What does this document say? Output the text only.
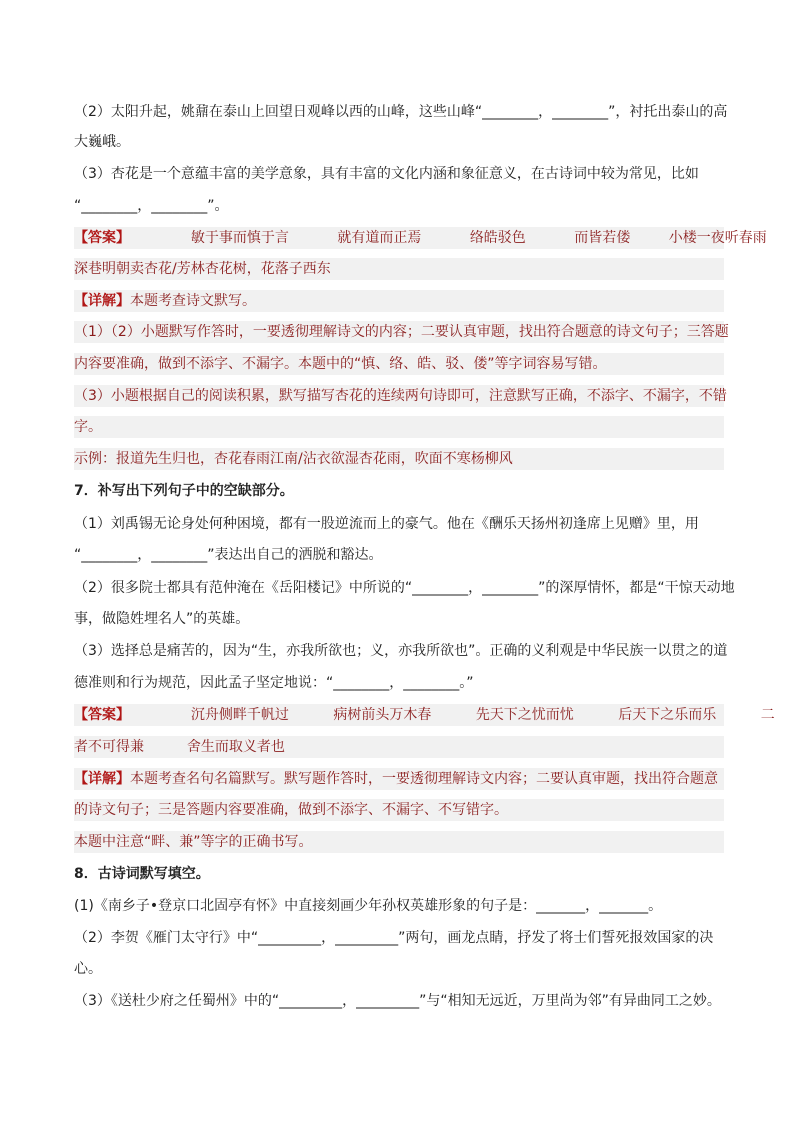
（2）太阳升起，姚鼐在泰山上回望日观峰以西的山峰，这些山峰“________，________”，衬托出泰山的高
大巍峨。
（3）杏花是一个意蕴丰富的美学意象，具有丰富的文化内涵和象征意义，在古诗词中较为常见，比如
“________，________”。
【答案】	敏于事而慎于言	就有道而正焉	络皓驳色	而皆若偻	小楼一夜听春雨
深巷明朝卖杏花/芳林杏花树，花落子西东
【详解】本题考查诗文默写。
（1）（2）小题默写作答时，一要透彻理解诗文的内容；二要认真审题，找出符合题意的诗文句子；三答题
内容要准确，做到不添字、不漏字。本题中的“慎、络、皓、驳、偻”等字词容易写错。
（3）小题根据自己的阅读积累，默写描写杏花的连续两句诗即可，注意默写正确，不添字、不漏字，不错
字。
示例：报道先生归也，杏花春雨江南/沾衣欲湿杏花雨，吹面不寒杨柳风
7．补写出下列句子中的空缺部分。
（1）刘禹锡无论身处何种困境，都有一股逆流而上的豪气。他在《酬乐天扬州初逢席上见赠》里，用
“________，________”表达出自己的洒脱和豁达。
（2）很多院士都具有范仲淹在《岳阳楼记》中所说的“________，________”的深厚情怀，都是“干惊天动地
事，做隐姓埋名人”的英雄。
（3）选择总是痛苦的，因为“生，亦我所欲也；义，亦我所欲也”。正确的义利观是中华民族一以贯之的道
德准则和行为规范，因此孟子坚定地说：“________，________。”
【答案】	沉舟侧畔千帆过	病树前头万木春	先天下之忧而忧	后天下之乐而乐	二
者不可得兼	舍生而取义者也
【详解】本题考查名句名篇默写。默写题作答时，一要透彻理解诗文内容；二要认真审题，找出符合题意
的诗文句子；三是答题内容要准确，做到不添字、不漏字、不写错字。
本题中注意“畔、兼”等字的正确书写。
8．古诗词默写填空。
(1)《南乡子•登京口北固亭有怀》中直接刻画少年孙权英雄形象的句子是：_______，_______。
（2）李贺《雁门太守行》中“_________，_________”两句，画龙点睛，抒发了将士们誓死报效国家的决
心。
（3）《送杜少府之任蜀州》中的“_________，_________”与“相知无远近，万里尚为邻”有异曲同工之妙。
